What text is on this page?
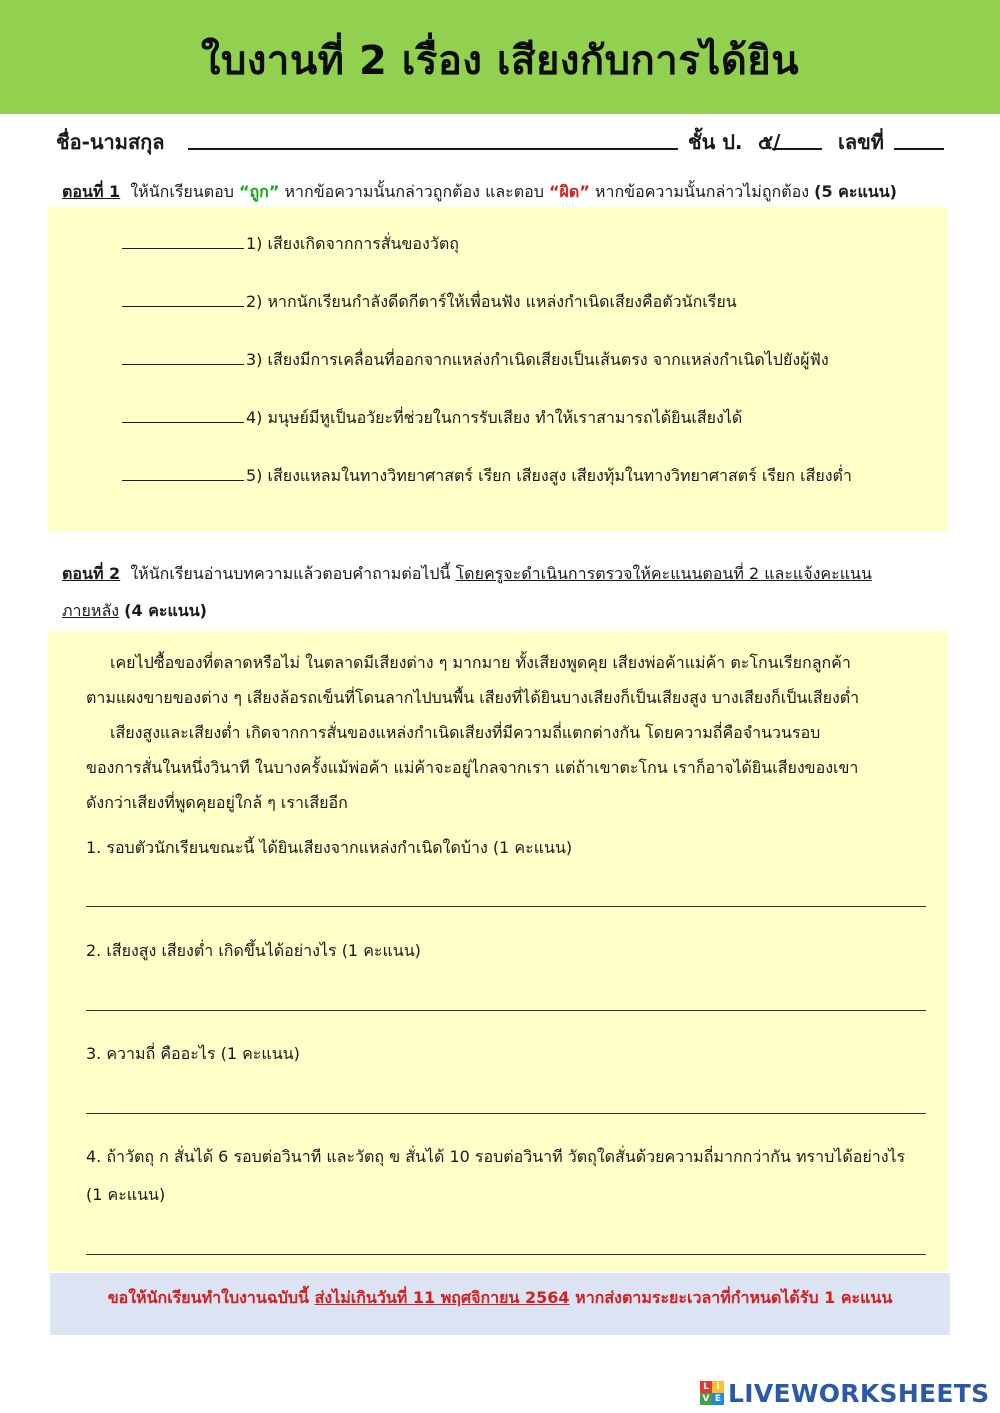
ใบงานที่ 2 เรื่อง เสียงกับการได้ยิน
ชื่อ-นามสกุล	ชั้น ป. ๕/	เลขที่
ตอนที่ 1 ให้นักเรียนตอบ “ถูก” หากข้อความนั้นกล่าวถูกต้อง และตอบ “ผิด” หากข้อความนั้นกล่าวไม่ถูกต้อง (5 คะแนน)
1) เสียงเกิดจากการสั่นของวัตถุ
2) หากนักเรียนกำลังดีดกีตาร์ให้เพื่อนฟัง แหล่งกำเนิดเสียงคือตัวนักเรียน
3) เสียงมีการเคลื่อนที่ออกจากแหล่งกำเนิดเสียงเป็นเส้นตรง จากแหล่งกำเนิดไปยังผู้ฟัง
4) มนุษย์มีหูเป็นอวัยะที่ช่วยในการรับเสียง ทำให้เราสามารถได้ยินเสียงได้
5) เสียงแหลมในทางวิทยาศาสตร์ เรียก เสียงสูง เสียงทุ้มในทางวิทยาศาสตร์ เรียก เสียงต่ำ
ตอนที่ 2 ให้นักเรียนอ่านบทความแล้วตอบคำถามต่อไปนี้ โดยครูจะดำเนินการตรวจให้คะแนนตอนที่ 2 และแจ้งคะแนน
ภายหลัง (4 คะแนน)
เคยไปซื้อของที่ตลาดหรือไม่ ในตลาดมีเสียงต่าง ๆ มากมาย ทั้งเสียงพูดคุย เสียงพ่อค้าแม่ค้า ตะโกนเรียกลูกค้า
ตามแผงขายของต่าง ๆ เสียงล้อรถเข็นที่โดนลากไปบนพื้น เสียงที่ได้ยินบางเสียงก็เป็นเสียงสูง บางเสียงก็เป็นเสียงต่ำ
เสียงสูงและเสียงต่ำ เกิดจากการสั่นของแหล่งกำเนิดเสียงที่มีความถี่แตกต่างกัน โดยความถี่คือจำนวนรอบ
ของการสั่นในหนึ่งวินาที ในบางครั้งแม้พ่อค้า แม่ค้าจะอยู่ไกลจากเรา แต่ถ้าเขาตะโกน เราก็อาจได้ยินเสียงของเขา
ดังกว่าเสียงที่พูดคุยอยู่ใกล้ ๆ เราเสียอีก
1. รอบตัวนักเรียนขณะนี้ ได้ยินเสียงจากแหล่งกำเนิดใดบ้าง (1 คะแนน)
2. เสียงสูง เสียงต่ำ เกิดขึ้นได้อย่างไร (1 คะแนน)
3. ความถี่ คืออะไร (1 คะแนน)
4. ถ้าวัตถุ ก สั่นได้ 6 รอบต่อวินาที และวัตถุ ข สั่นได้ 10 รอบต่อวินาที วัตถุใดสั่นด้วยความถี่มากกว่ากัน ทราบได้อย่างไร
(1 คะแนน)
ขอให้นักเรียนทำใบงานฉบับนี้ ส่งไม่เกินวันที่ 11 พฤศจิกายน 2564 หากส่งตามระยะเวลาที่กำหนดได้รับ 1 คะแนน
L i
V E LIVEWORKSHEETS
